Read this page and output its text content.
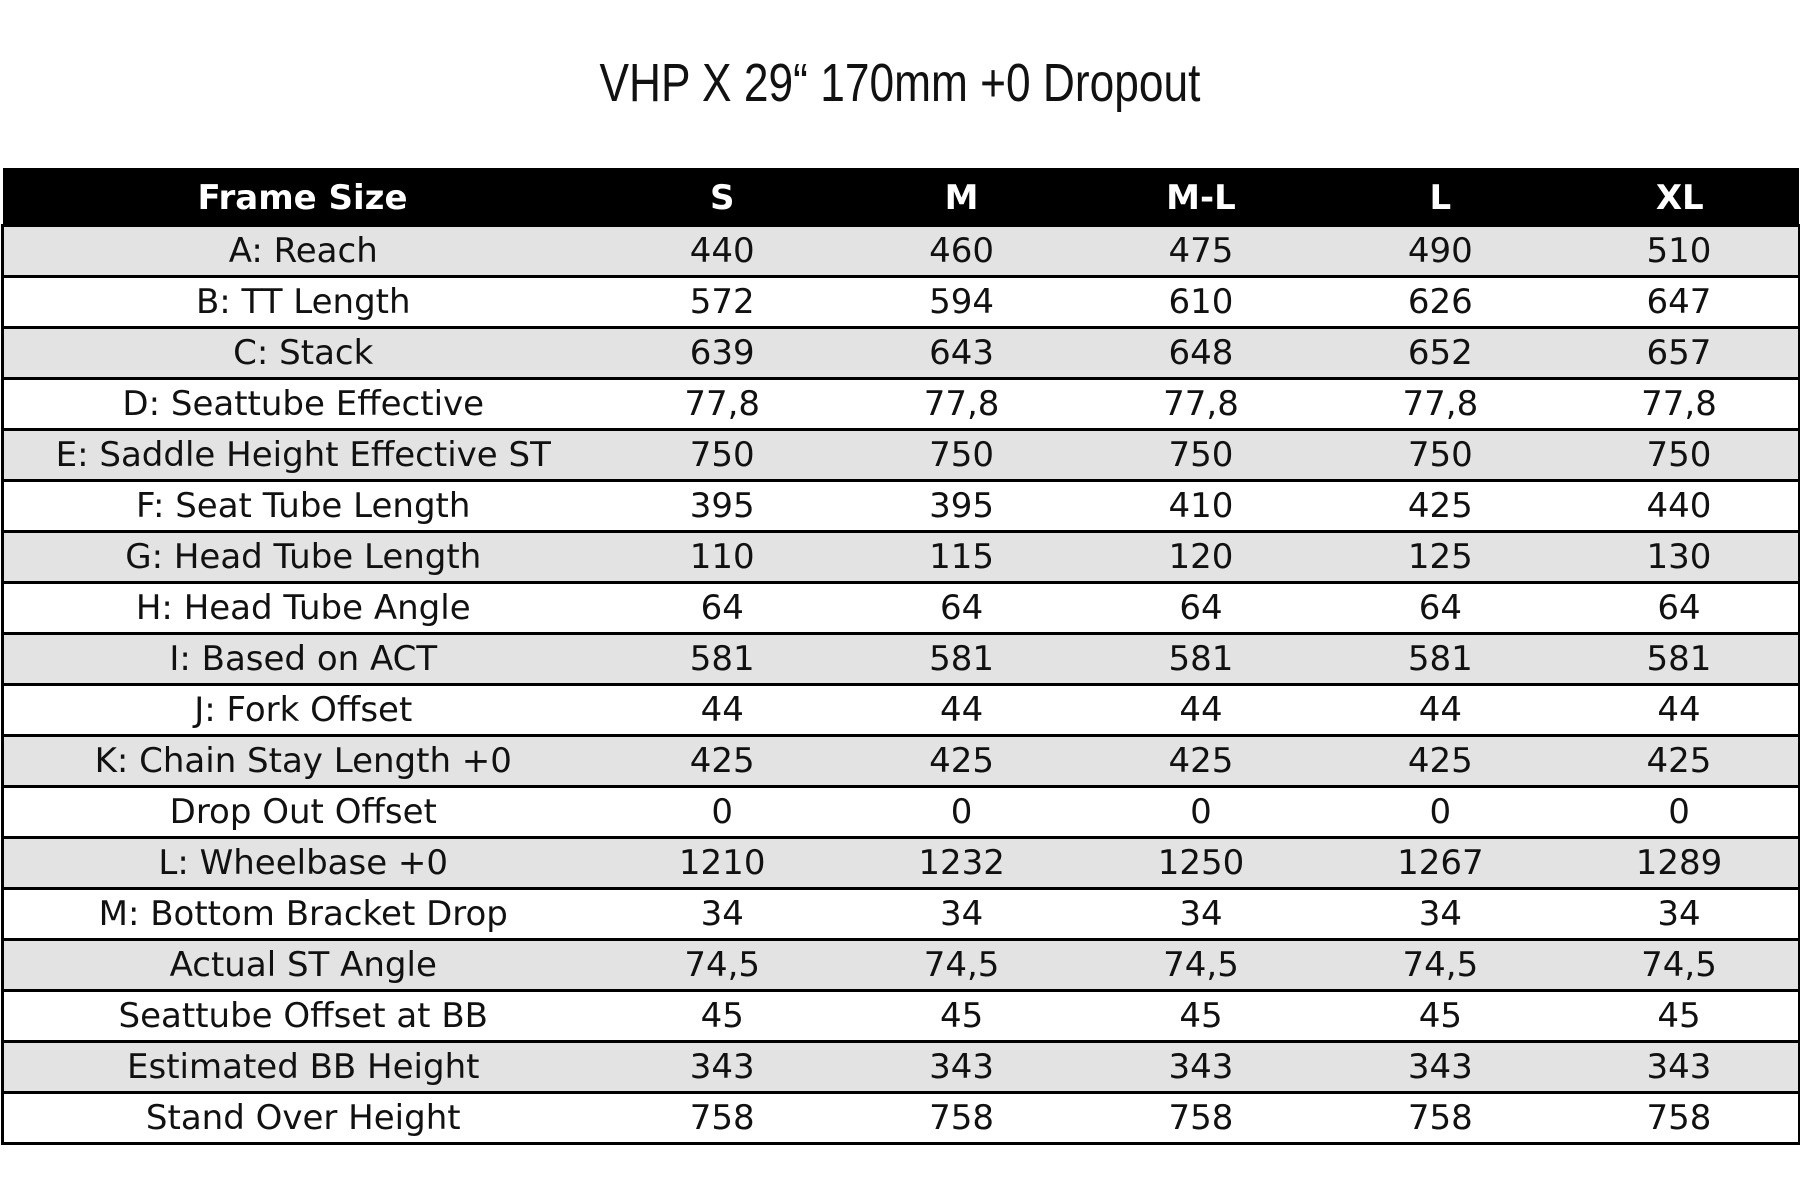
VHP X 29“ 170mm +0 Dropout
Frame Size	S	M	M-L	L	XL
A: Reach	440	460	475	490	510
B: TT Length	572	594	610	626	647
C: Stack	639	643	648	652	657
D: Seattube Effective	77,8	77,8	77,8	77,8	77,8
E: Saddle Height Effective ST	750	750	750	750	750
F: Seat Tube Length	395	395	410	425	440
G: Head Tube Length	110	115	120	125	130
H: Head Tube Angle	64	64	64	64	64
I: Based on ACT	581	581	581	581	581
J: Fork Offset	44	44	44	44	44
K: Chain Stay Length +0	425	425	425	425	425
Drop Out Offset	0	0	0	0	0
L: Wheelbase +0	1210	1232	1250	1267	1289
M: Bottom Bracket Drop	34	34	34	34	34
Actual ST Angle	74,5	74,5	74,5	74,5	74,5
Seattube Offset at BB	45	45	45	45	45
Estimated BB Height	343	343	343	343	343
Stand Over Height	758	758	758	758	758
